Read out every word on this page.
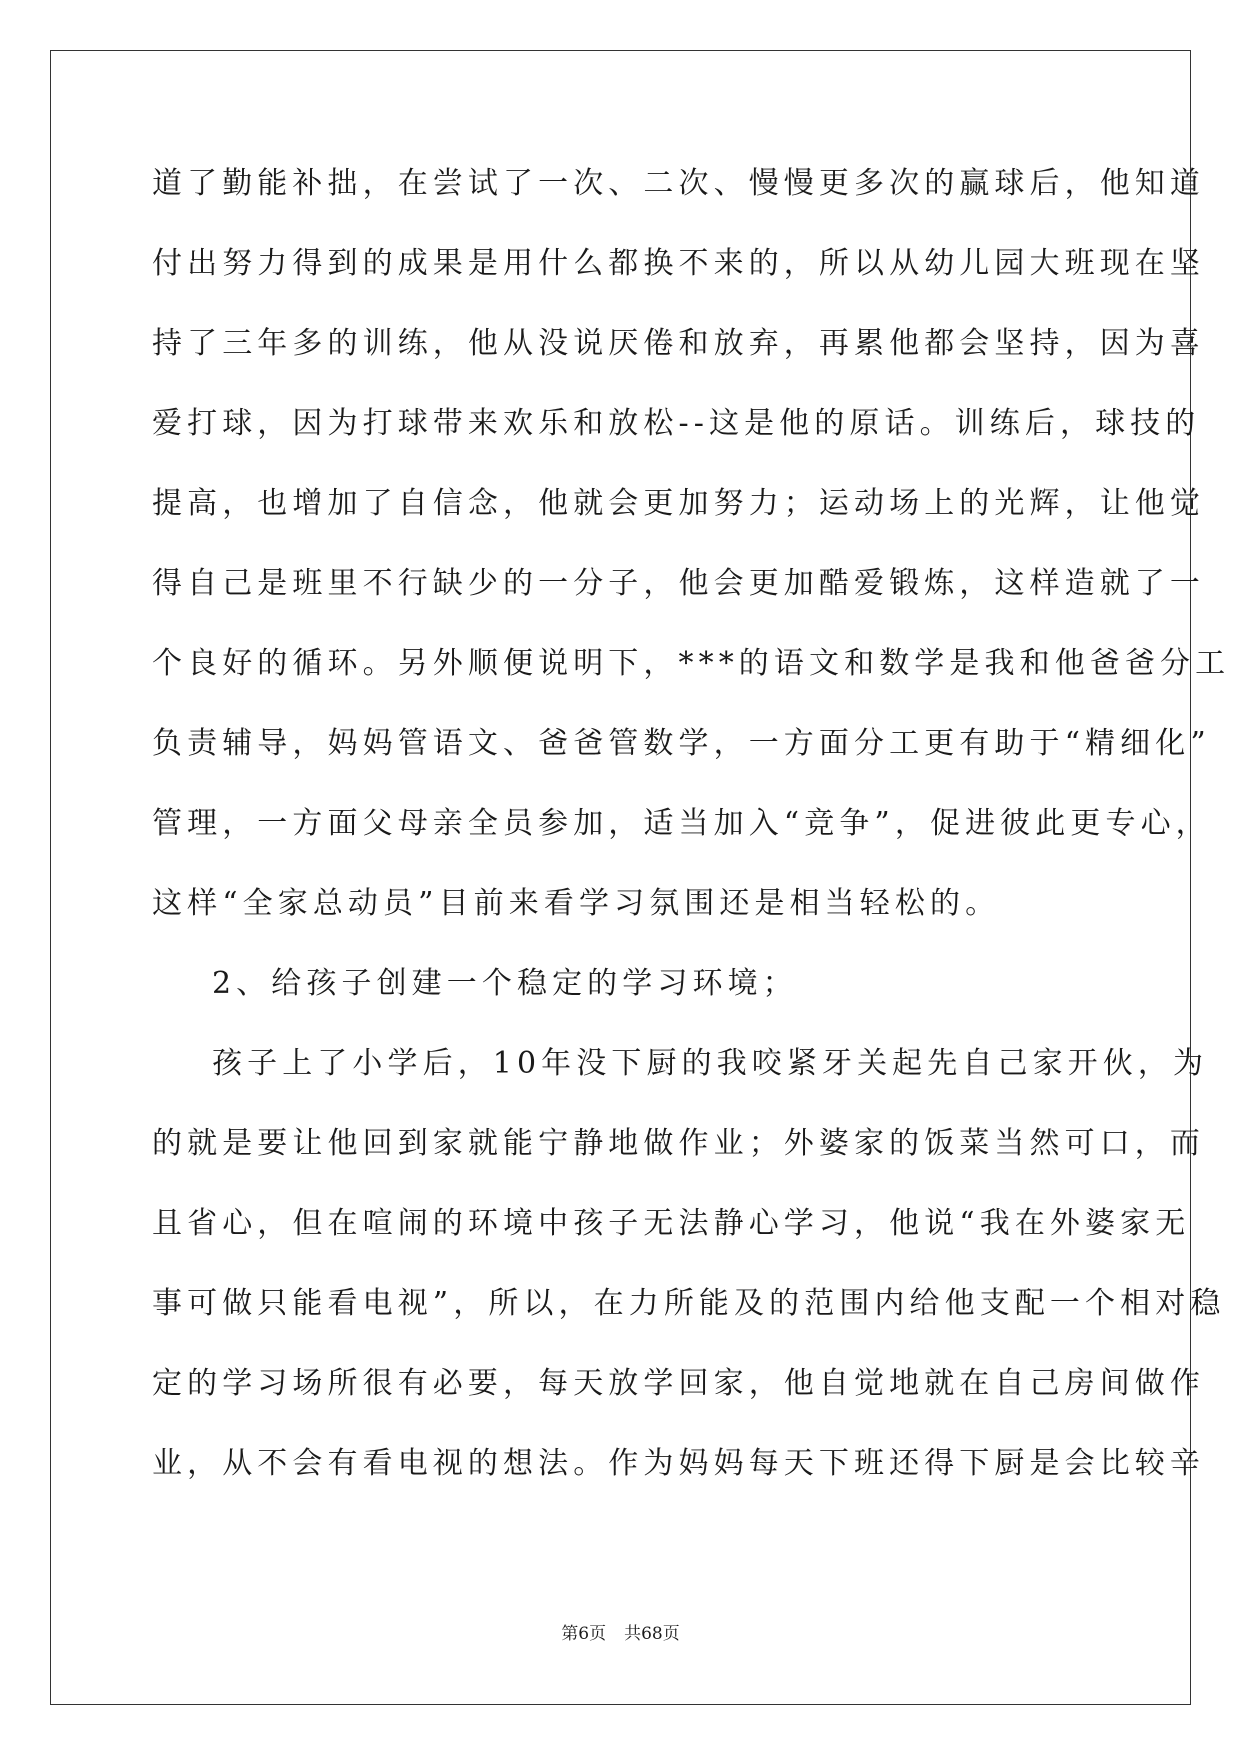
道了勤能补拙，在尝试了一次、二次、慢慢更多次的赢球后，他知道
付出努力得到的成果是用什么都换不来的，所以从幼儿园大班现在坚
持了三年多的训练，他从没说厌倦和放弃，再累他都会坚持，因为喜
爱打球，因为打球带来欢乐和放松--这是他的原话。训练后，球技的
提高，也增加了自信念，他就会更加努力；运动场上的光辉，让他觉
得自己是班里不行缺少的一分子，他会更加酷爱锻炼，这样造就了一
个良好的循环。另外顺便说明下，***的语文和数学是我和他爸爸分工
负责辅导，妈妈管语文、爸爸管数学，一方面分工更有助于“精细化”
管理，一方面父母亲全员参加，适当加入“竞争”，促进彼此更专心，
这样“全家总动员”目前来看学习氛围还是相当轻松的。
2、给孩子创建一个稳定的学习环境；
孩子上了小学后，10年没下厨的我咬紧牙关起先自己家开伙，为
的就是要让他回到家就能宁静地做作业；外婆家的饭菜当然可口，而
且省心，但在喧闹的环境中孩子无法静心学习，他说“我在外婆家无
事可做只能看电视”，所以，在力所能及的范围内给他支配一个相对稳
定的学习场所很有必要，每天放学回家，他自觉地就在自己房间做作
业，从不会有看电视的想法。作为妈妈每天下班还得下厨是会比较辛
第6页 共68页
